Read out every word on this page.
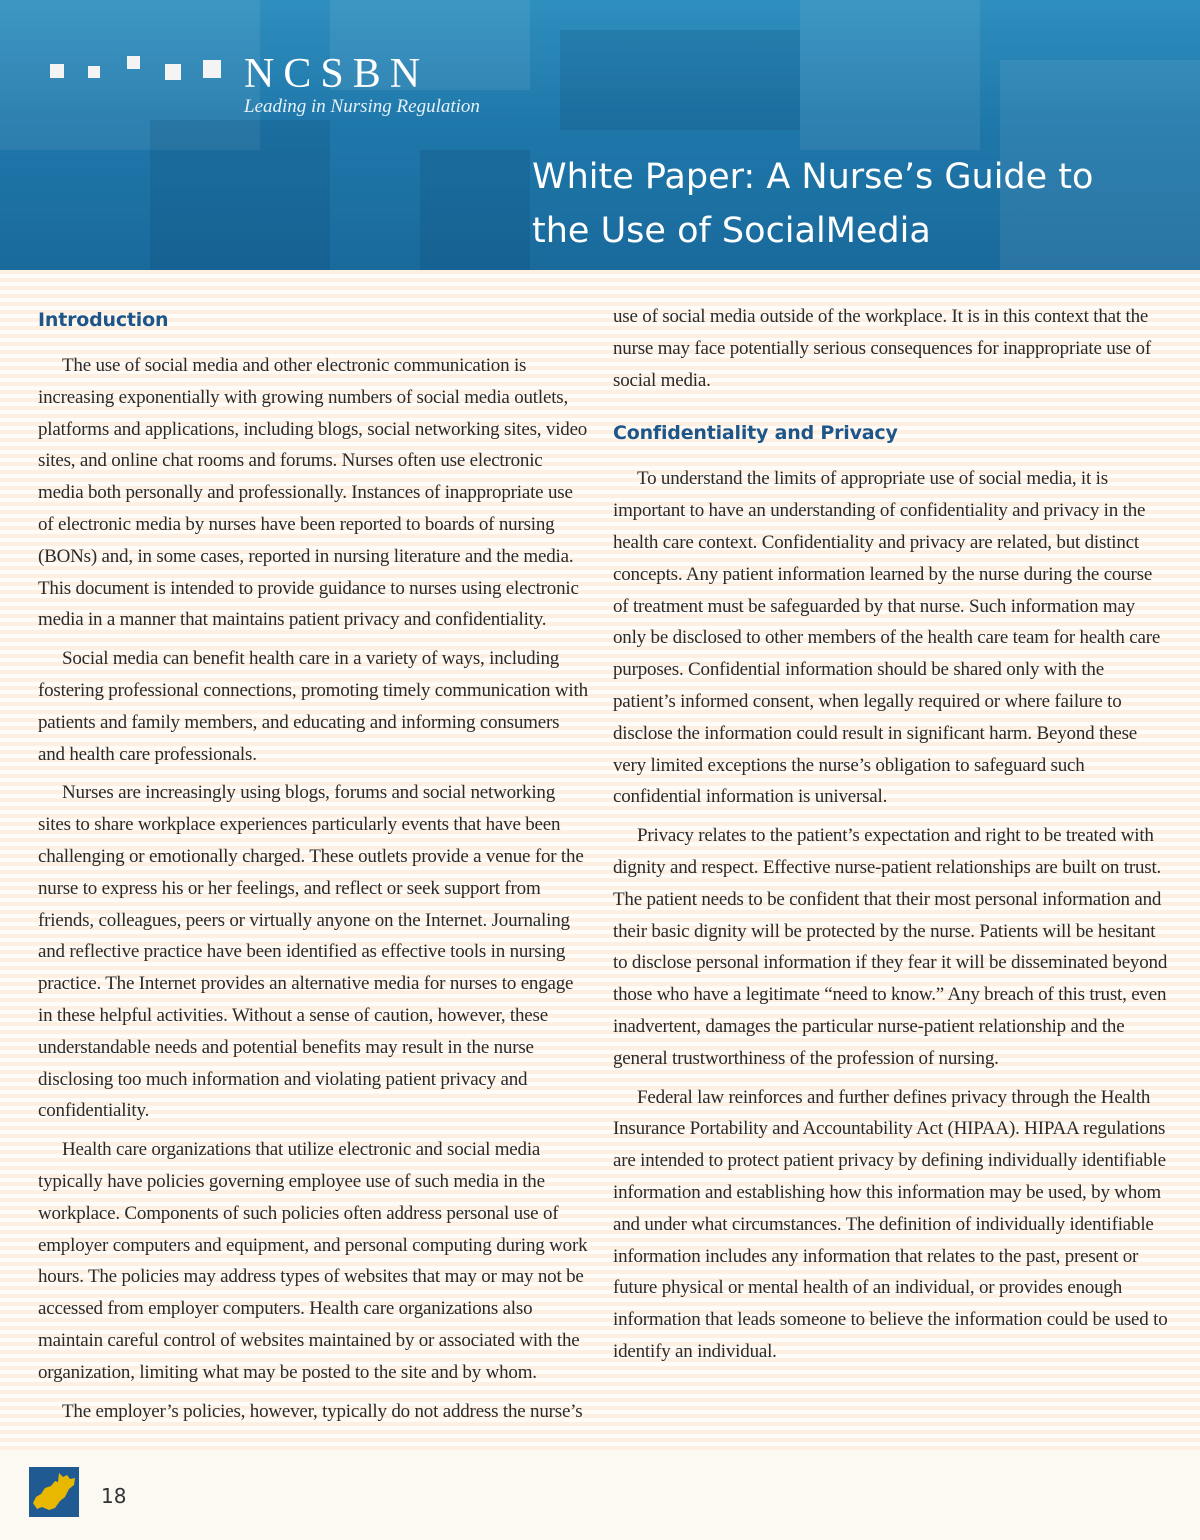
NCSBN
Leading in Nursing Regulation
White Paper: A Nurse’s Guide to
the Use of SocialMedia
Introduction

The use of social media and other electronic communication is increasing exponentially with growing numbers of social media outlets, platforms and applications, including blogs, social networking sites, video sites, and online chat rooms and forums. Nurses often use electronic media both personally and professionally. Instances of inappropriate use of electronic media by nurses have been reported to boards of nursing (BONs) and, in some cases, reported in nursing literature and the media. This document is intended to provide guidance to nurses using electronic media in a manner that maintains patient privacy and confidentiality.

Social media can benefit health care in a variety of ways, including fostering professional connections, promoting timely communication with patients and family members, and educating and informing consumers and health care professionals.

Nurses are increasingly using blogs, forums and social networking sites to share workplace experiences particularly events that have been challenging or emotionally charged. These outlets provide a venue for the nurse to express his or her feelings, and reflect or seek support from friends, colleagues, peers or virtually anyone on the Internet. Journaling and reflective practice have been identified as effective tools in nursing practice. The Internet provides an alternative media for nurses to engage in these helpful activities. Without a sense of caution, however, these understandable needs and potential benefits may result in the nurse disclosing too much information and violating patient privacy and confidentiality.

Health care organizations that utilize electronic and social media typically have policies governing employee use of such media in the workplace. Components of such policies often address personal use of employer computers and equipment, and personal computing during work hours. The policies may address types of websites that may or may not be accessed from employer computers. Health care organizations also maintain careful control of websites maintained by or associated with the organization, limiting what may be posted to the site and by whom.

The employer’s policies, however, typically do not address the nurse’s

use of social media outside of the workplace. It is in this context that the nurse may face potentially serious consequences for inappropriate use of social media.

Confidentiality and Privacy

To understand the limits of appropriate use of social media, it is important to have an understanding of confidentiality and privacy in the health care context. Confidentiality and privacy are related, but distinct concepts. Any patient information learned by the nurse during the course of treatment must be safeguarded by that nurse. Such information may only be disclosed to other members of the health care team for health care purposes. Confidential information should be shared only with the patient’s informed consent, when legally required or where failure to disclose the information could result in significant harm. Beyond these very limited exceptions the nurse’s obligation to safeguard such confidential information is universal.

Privacy relates to the patient’s expectation and right to be treated with dignity and respect. Effective nurse-patient relationships are built on trust. The patient needs to be confident that their most personal information and their basic dignity will be protected by the nurse. Patients will be hesitant to disclose personal information if they fear it will be disseminated beyond those who have a legitimate “need to know.” Any breach of this trust, even inadvertent, damages the particular nurse-patient relationship and the general trustworthiness of the profession of nursing.

Federal law reinforces and further defines privacy through the Health Insurance Portability and Accountability Act (HIPAA). HIPAA regulations are intended to protect patient privacy by defining individually identifiable information and establishing how this information may be used, by whom and under what circumstances. The definition of individually identifiable information includes any information that relates to the past, present or future physical or mental health of an individual, or provides enough information that leads someone to believe the information could be used to identify an individual.

18
